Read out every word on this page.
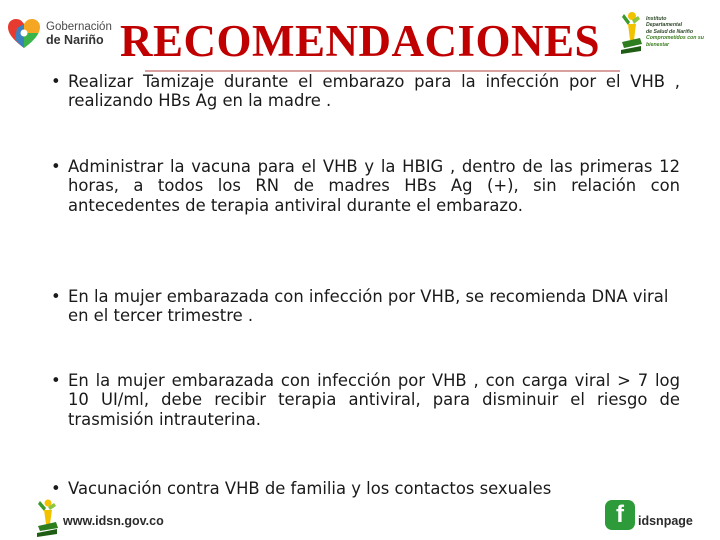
Gobernación
de Nariño RECOMENDACIONES	Instituto
Departamental
de Salud de Nariño
Comprometidos con su bienestar
• Realizar Tamizaje durante el embarazo para la infección por el VHB , realizando HBs Ag en la madre .
• Administrar la vacuna para el VHB y la HBIG , dentro de las primeras 12 horas, a todos los RN de madres HBs Ag (+), sin relación con antecedentes de terapia antiviral durante el embarazo.
• En la mujer embarazada con infección por VHB, se recomienda DNA viral en el tercer trimestre .
• En la mujer embarazada con infección por VHB , con carga viral > 7 log 10 UI/ml, debe recibir terapia antiviral, para disminuir el riesgo de trasmisión intrauterina.
• Vacunación contra VHB de familia y los contactos sexuales
www.idsn.gov.co	f idsnpage
